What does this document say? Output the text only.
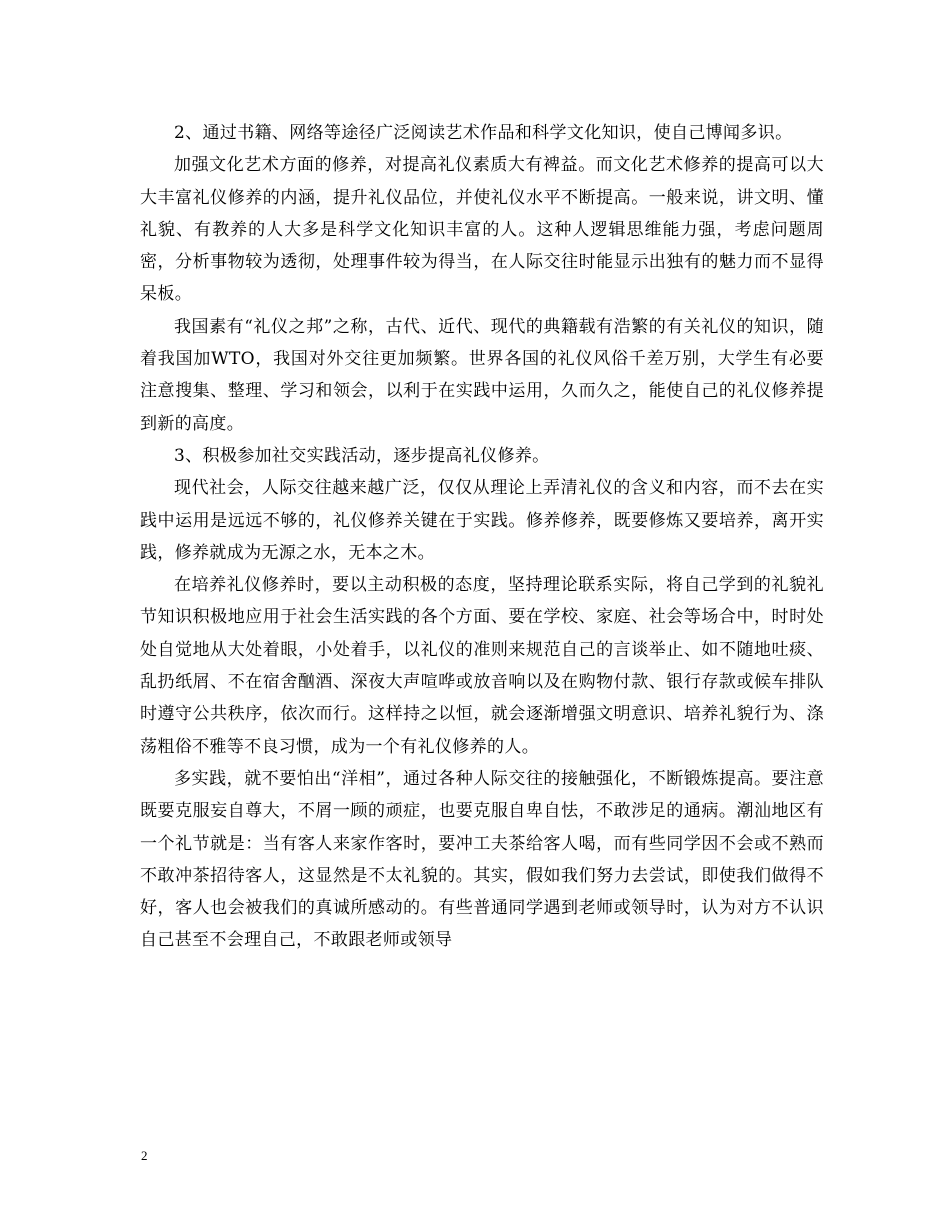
2、通过书籍、网络等途径广泛阅读艺术作品和科学文化知识，使自己博闻多识。

加强文化艺术方面的修养，对提高礼仪素质大有裨益。而文化艺术修养的提高可以大大丰富礼仪修养的内涵，提升礼仪品位，并使礼仪水平不断提高。一般来说，讲文明、懂礼貌、有教养的人大多是科学文化知识丰富的人。这种人逻辑思维能力强，考虑问题周密，分析事物较为透彻，处理事件较为得当，在人际交往时能显示出独有的魅力而不显得呆板。

我国素有“礼仪之邦”之称，古代、近代、现代的典籍载有浩繁的有关礼仪的知识，随着我国加WTO，我国对外交往更加频繁。世界各国的礼仪风俗千差万别，大学生有必要注意搜集、整理、学习和领会，以利于在实践中运用，久而久之，能使自己的礼仪修养提到新的高度。

3、积极参加社交实践活动，逐步提高礼仪修养。

现代社会，人际交往越来越广泛，仅仅从理论上弄清礼仪的含义和内容，而不去在实践中运用是远远不够的，礼仪修养关键在于实践。修养修养，既要修炼又要培养，离开实践，修养就成为无源之水，无本之木。

在培养礼仪修养时，要以主动积极的态度，坚持理论联系实际，将自己学到的礼貌礼节知识积极地应用于社会生活实践的各个方面、要在学校、家庭、社会等场合中，时时处处自觉地从大处着眼，小处着手，以礼仪的准则来规范自己的言谈举止、如不随地吐痰、乱扔纸屑、不在宿舍酗酒、深夜大声喧哗或放音响以及在购物付款、银行存款或候车排队时遵守公共秩序，依次而行。这样持之以恒，就会逐渐增强文明意识、培养礼貌行为、涤荡粗俗不雅等不良习惯，成为一个有礼仪修养的人。

多实践，就不要怕出“洋相”，通过各种人际交往的接触强化，不断锻炼提高。要注意既要克服妄自尊大，不屑一顾的顽症，也要克服自卑自怯，不敢涉足的通病。潮汕地区有一个礼节就是：当有客人来家作客时，要冲工夫茶给客人喝，而有些同学因不会或不熟而不敢冲茶招待客人，这显然是不太礼貌的。其实，假如我们努力去尝试，即使我们做得不好，客人也会被我们的真诚所感动的。有些普通同学遇到老师或领导时，认为对方不认识自己甚至不会理自己，不敢跟老师或领导

2
